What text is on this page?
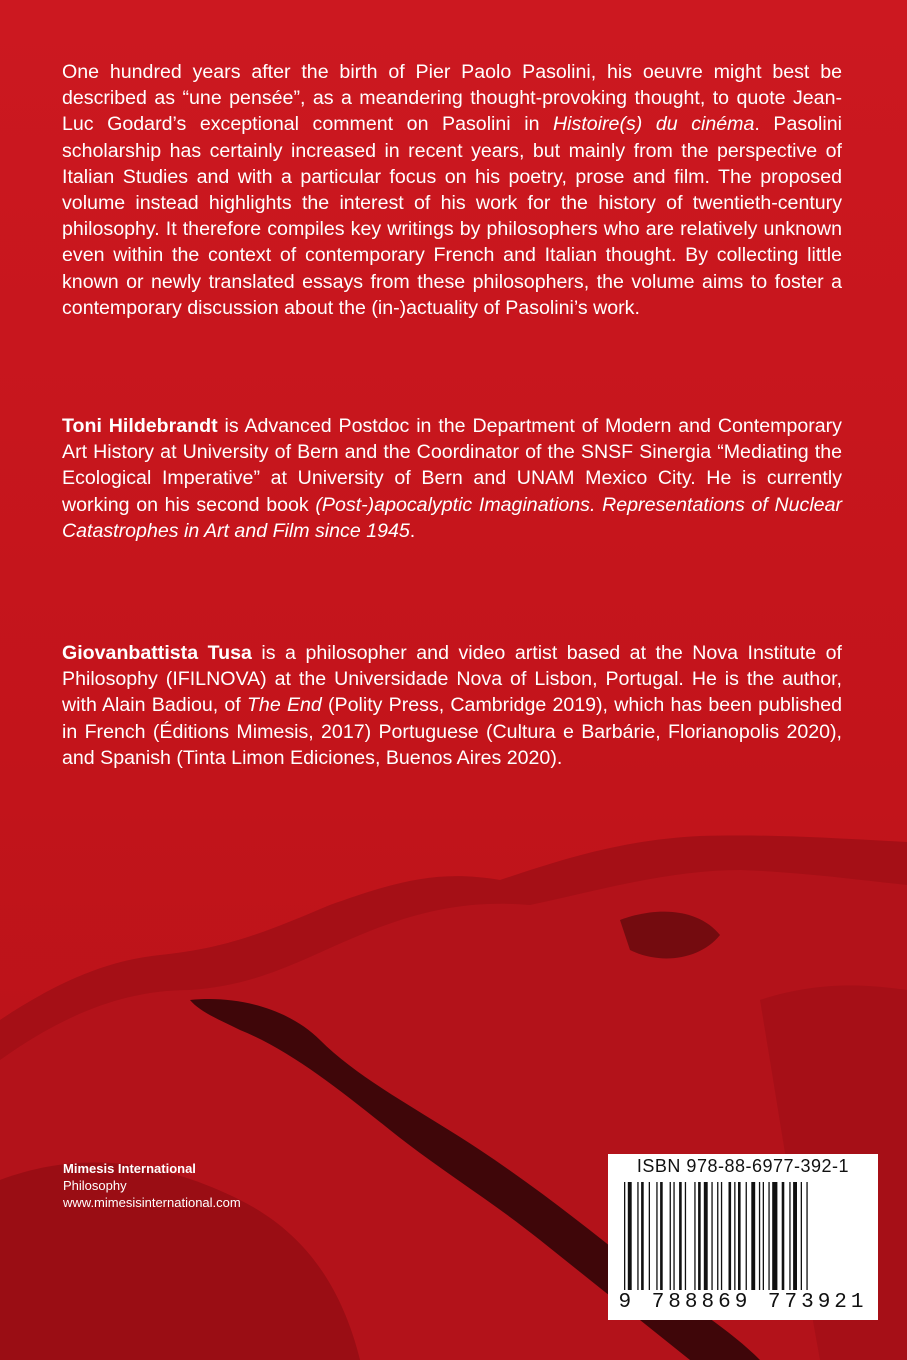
One hundred years after the birth of Pier Paolo Pasolini, his oeuvre might best be described as “une pensée”, as a meandering thought-provoking thought, to quote Jean-Luc Godard’s exceptional comment on Pasolini in Histoire(s) du cinéma. Pasolini scholarship has certainly increased in recent years, but mainly from the perspective of Italian Studies and with a particular focus on his poetry, prose and film. The proposed volume instead highlights the interest of his work for the history of twentieth-century philosophy. It therefore compiles key writings by philosophers who are relatively unknown even within the context of contemporary French and Italian thought. By collecting little known or newly translated essays from these philosophers, the volume aims to foster a contemporary discussion about the (in-)actuality of Pasolini’s work.
Toni Hildebrandt is Advanced Postdoc in the Department of Modern and Contemporary Art History at University of Bern and the Coordinator of the SNSF Sinergia “Mediating the Ecological Imperative” at University of Bern and UNAM Mexico City. He is currently working on his second book (Post-)apocalyptic Imaginations. Representations of Nuclear Catastrophes in Art and Film since 1945.
Giovanbattista Tusa is a philosopher and video artist based at the Nova Institute of Philosophy (IFILNOVA) at the Universidade Nova of Lisbon, Portugal. He is the author, with Alain Badiou, of The End (Polity Press, Cambridge 2019), which has been published in French (Éditions Mimesis, 2017) Portuguese (Cultura e Barbárie, Florianopolis 2020), and Spanish (Tinta Limon Ediciones, Buenos Aires 2020).
Mimesis International
Philosophy
www.mimesisinternational.com
ISBN 978-88-6977-392-1
9 788869 773921
